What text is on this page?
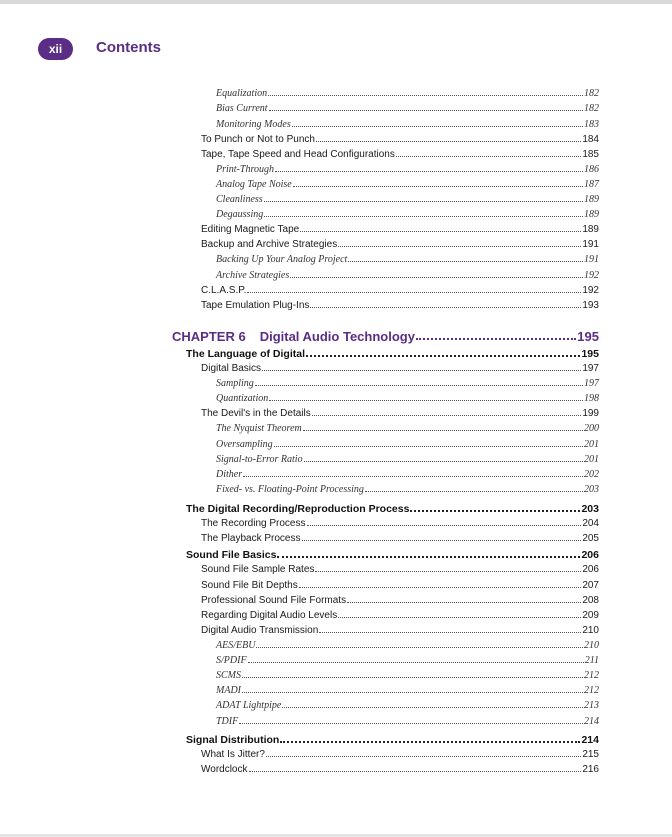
xii	Contents
Equalization	182
Bias Current	182
Monitoring Modes	183
To Punch or Not to Punch	184
Tape, Tape Speed and Head Configurations	185
Print-Through	186
Analog Tape Noise	187
Cleanliness	189
Degaussing	189
Editing Magnetic Tape	189
Backup and Archive Strategies	191
Backing Up Your Analog Project	191
Archive Strategies	192
C.L.A.S.P.	192
Tape Emulation Plug-Ins	193
CHAPTER 6 Digital Audio Technology	195
The Language of Digital	195
Digital Basics	197
Sampling	197
Quantization	198
The Devil's in the Details	199
The Nyquist Theorem	200
Oversampling	201
Signal-to-Error Ratio	201
Dither	202
Fixed- vs. Floating-Point Processing	203
The Digital Recording/Reproduction Process	203
The Recording Process	204
The Playback Process	205
Sound File Basics	206
Sound File Sample Rates	206
Sound File Bit Depths	207
Professional Sound File Formats	208
Regarding Digital Audio Levels	209
Digital Audio Transmission	210
AES/EBU	210
S/PDIF	211
SCMS	212
MADI	212
ADAT Lightpipe	213
TDIF	214
Signal Distribution	214
What Is Jitter?	215
Wordclock	216
